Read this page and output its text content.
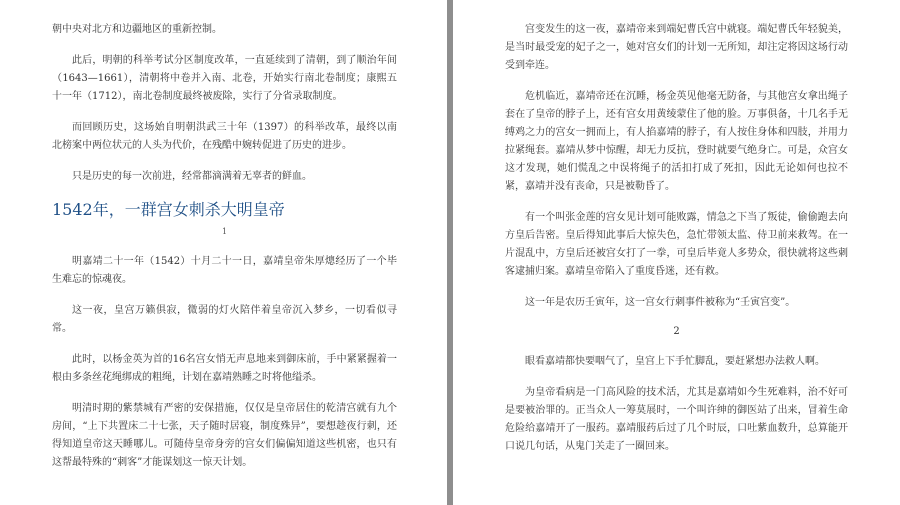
朝中央对北方和边疆地区的重新控制。

此后，明朝的科举考试分区制度改革，一直延续到了清朝，到了顺治年间（1643—1661），清朝将中卷并入南、北卷，开始实行南北卷制度；康熙五十一年（1712），南北卷制度最终被废除，实行了分省录取制度。

而回顾历史，这场始自明朝洪武三十年（1397）的科举改革，最终以南北榜案中两位状元的人头为代价，在残酷中婉转促进了历史的进步。

只是历史的每一次前进，经常都滴满着无辜者的鲜血。

1542年，一群宫女刺杀大明皇帝
1

明嘉靖二十一年（1542）十月二十一日，嘉靖皇帝朱厚熜经历了一个毕生难忘的惊魂夜。

这一夜，皇宫万籁俱寂，微弱的灯火陪伴着皇帝沉入梦乡，一切看似寻常。

此时，以杨金英为首的16名宫女悄无声息地来到御床前，手中紧紧握着一根由多条丝花绳绑成的粗绳，计划在嘉靖熟睡之时将他缢杀。

明清时期的紫禁城有严密的安保措施，仅仅是皇帝居住的乾清宫就有九个房间，“上下共置床二十七张，天子随时居寝，制度殊异”，要想趁夜行刺，还得知道皇帝这天睡哪儿。可随侍皇帝身旁的宫女们偏偏知道这些机密，也只有这帮最特殊的“刺客”才能谋划这一惊天计划。

宫变发生的这一夜，嘉靖帝来到端妃曹氏宫中就寝。端妃曹氏年轻貌美，是当时最受宠的妃子之一，她对宫女们的计划一无所知，却注定将因这场行动受到牵连。

危机临近，嘉靖帝还在沉睡，杨金英见他毫无防备，与其他宫女拿出绳子套在了皇帝的脖子上，还有宫女用黄绫蒙住了他的脸。万事俱备，十几名手无缚鸡之力的宫女一拥而上，有人掐嘉靖的脖子，有人按住身体和四肢，并用力拉紧绳套。嘉靖从梦中惊醒，却无力反抗，登时就要气绝身亡。可是，众宫女这才发现，她们慌乱之中误将绳子的活扣打成了死扣，因此无论如何也拉不紧，嘉靖并没有丧命，只是被勒昏了。

有一个叫张金莲的宫女见计划可能败露，情急之下当了叛徒，偷偷跑去向方皇后告密。皇后得知此事后大惊失色，急忙带领太监、侍卫前来救驾。在一片混乱中，方皇后还被宫女打了一拳，可皇后毕竟人多势众，很快就将这些刺客逮捕归案。嘉靖皇帝陷入了重度昏迷，还有救。

这一年是农历壬寅年，这一宫女行刺事件被称为“壬寅宫变”。

2

眼看嘉靖都快要咽气了，皇宫上下手忙脚乱，要赶紧想办法救人啊。

为皇帝看病是一门高风险的技术活，尤其是嘉靖如今生死难料，治不好可是要被治罪的。正当众人一筹莫展时，一个叫许绅的御医站了出来，冒着生命危险给嘉靖开了一服药。嘉靖服药后过了几个时辰，口吐紫血数升，总算能开口说几句话，从鬼门关走了一圈回来。
